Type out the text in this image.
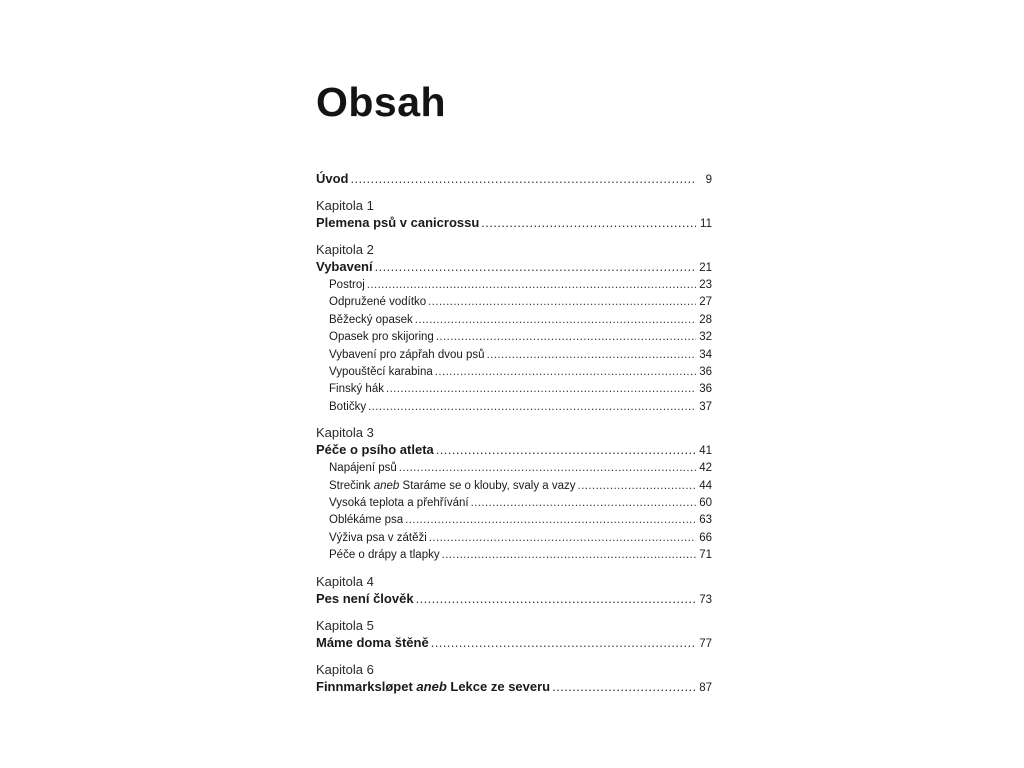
Obsah
Úvod .....	9

Kapitola 1

Plemena psů v canicrossu .....	11

Kapitola 2

Vybavení .....	21
Postroj .....	23
Odpružené vodítko .....	27
Běžecký opasek .....	28
Opasek pro skijoring .....	32
Vybavení pro zápřah dvou psů .....	34
Vypouštěcí karabina .....	36
Finský hák .....	36
Botičky .....	37

Kapitola 3

Péče o psího atleta .....	41
Napájení psů .....	42
Strečink aneb Staráme se o klouby, svaly a vazy .....	44
Vysoká teplota a přehřívání .....	60
Oblékáme psa .....	63
Výživa psa v zátěži .....	66
Péče o drápy a tlapky .....	71

Kapitola 4

Pes není člověk .....	73

Kapitola 5

Máme doma štěně .....	77

Kapitola 6

Finnmarksløpet aneb Lekce ze severu .....	87
